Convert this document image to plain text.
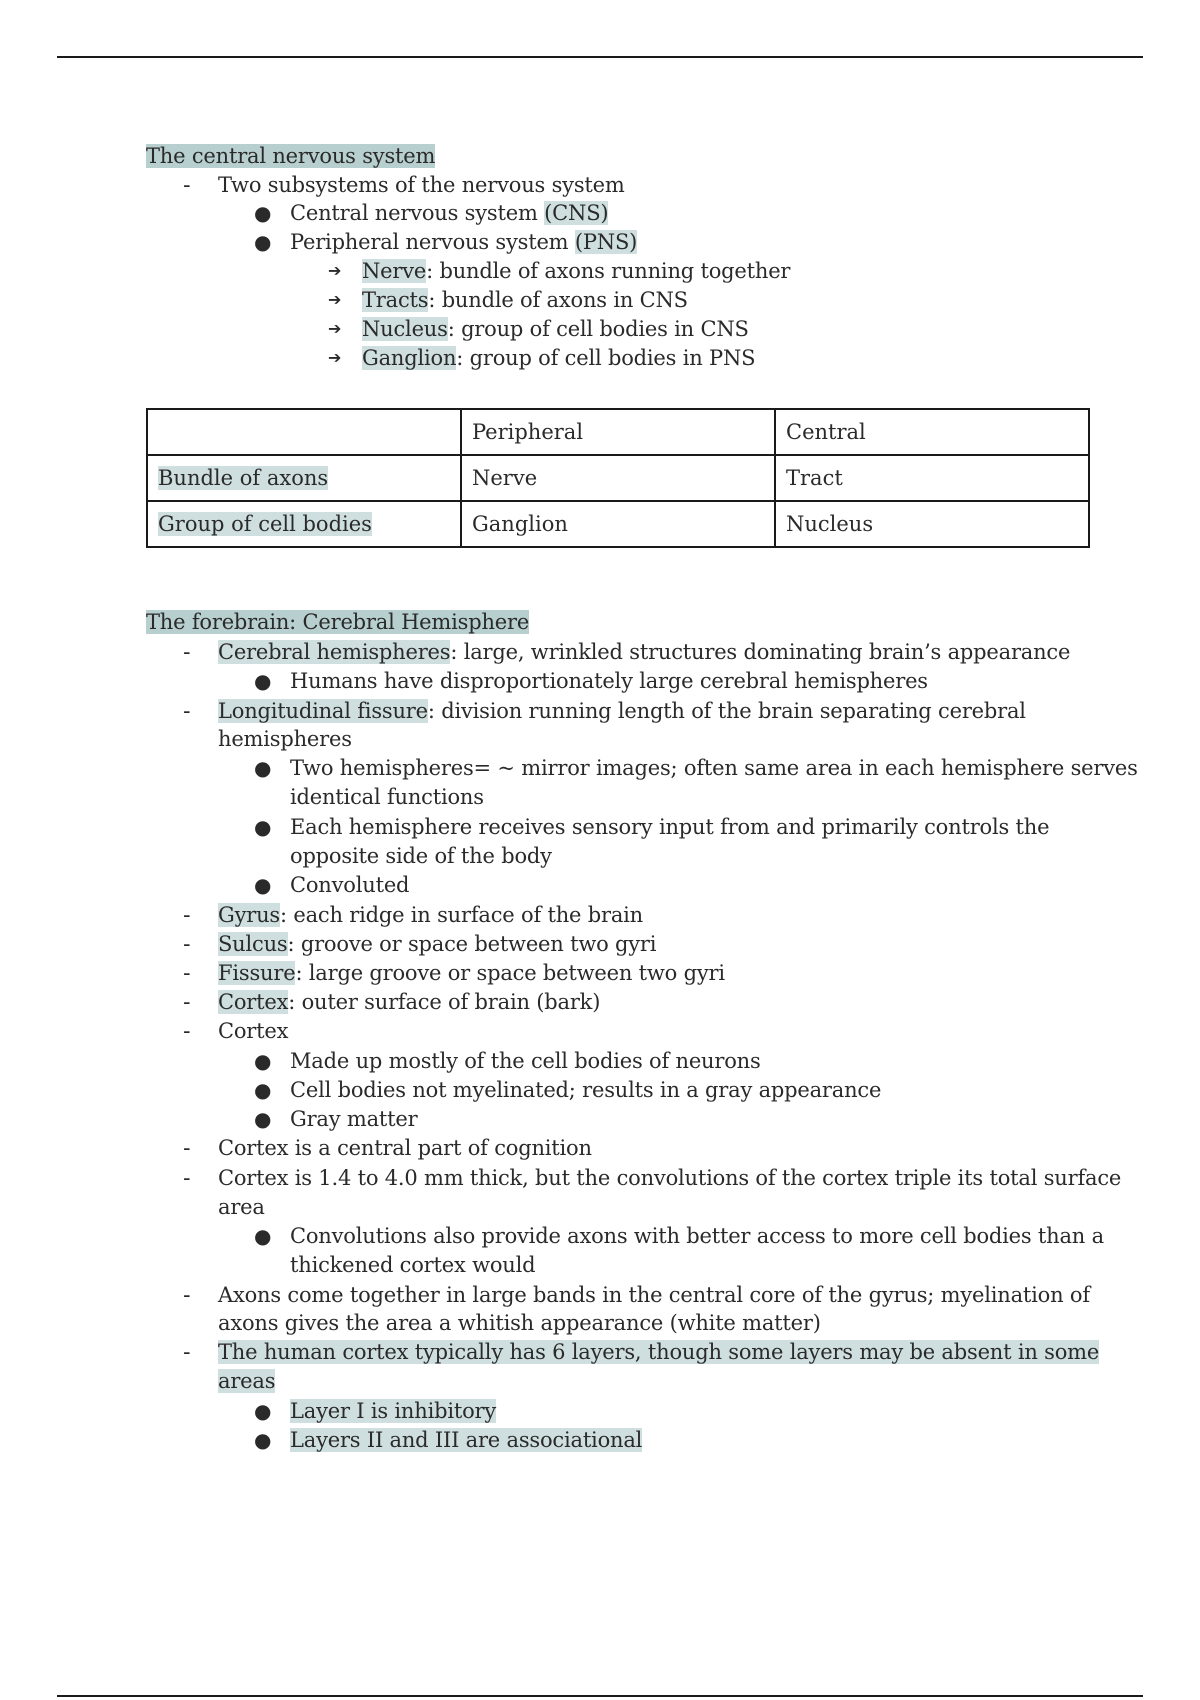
The central nervous system
- Two subsystems of the nervous system
● Central nervous system (CNS)
● Peripheral nervous system (PNS)
➔ Nerve: bundle of axons running together
➔ Tracts: bundle of axons in CNS
➔ Nucleus: group of cell bodies in CNS
➔ Ganglion: group of cell bodies in PNS
	Peripheral	Central
Bundle of axons	Nerve	Tract
Group of cell bodies	Ganglion	Nucleus
The forebrain: Cerebral Hemisphere
- Cerebral hemispheres: large, wrinkled structures dominating brain’s appearance
● Humans have disproportionately large cerebral hemispheres
- Longitudinal fissure: division running length of the brain separating cerebral
hemispheres
● Two hemispheres= ~ mirror images; often same area in each hemisphere serves
identical functions
● Each hemisphere receives sensory input from and primarily controls the
opposite side of the body
● Convoluted
- Gyrus: each ridge in surface of the brain
- Sulcus: groove or space between two gyri
- Fissure: large groove or space between two gyri
- Cortex: outer surface of brain (bark)
- Cortex
● Made up mostly of the cell bodies of neurons
● Cell bodies not myelinated; results in a gray appearance
● Gray matter
- Cortex is a central part of cognition
- Cortex is 1.4 to 4.0 mm thick, but the convolutions of the cortex triple its total surface
area
● Convolutions also provide axons with better access to more cell bodies than a
thickened cortex would
- Axons come together in large bands in the central core of the gyrus; myelination of
axons gives the area a whitish appearance (white matter)
- The human cortex typically has 6 layers, though some layers may be absent in some
areas
● Layer I is inhibitory
● Layers II and III are associational
